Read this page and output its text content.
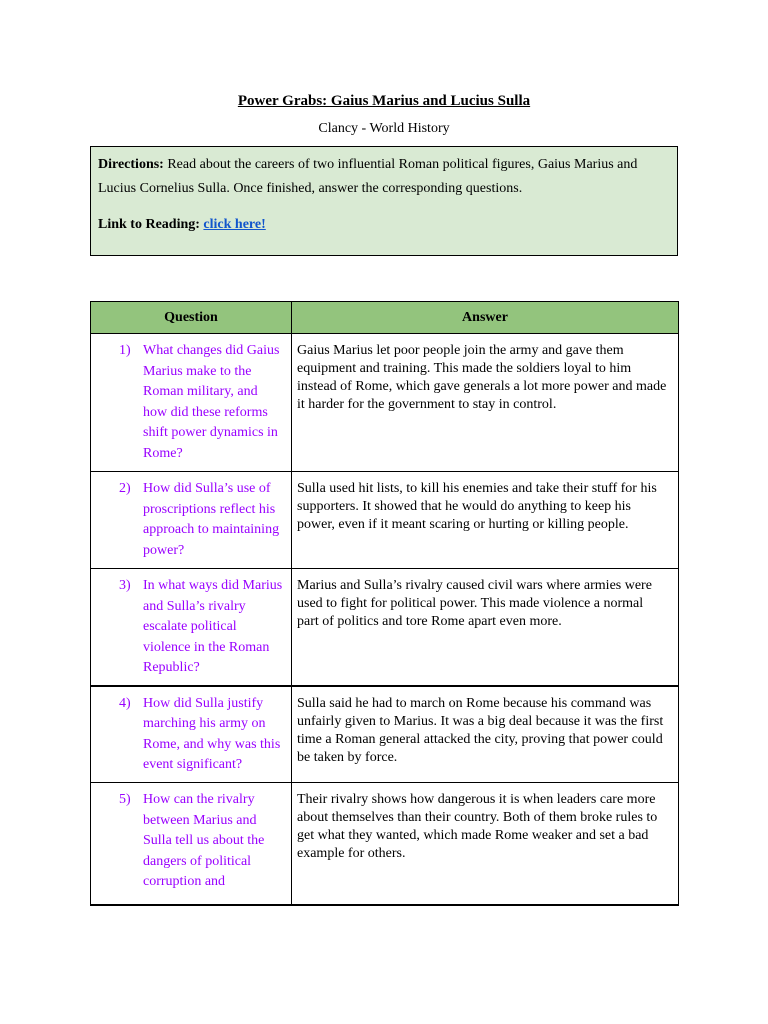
Power Grabs: Gaius Marius and Lucius Sulla
Clancy - World History
Directions: Read about the careers of two influential Roman political figures, Gaius Marius and Lucius Cornelius Sulla. Once finished, answer the corresponding questions.
Link to Reading: click here!
Question	Answer

1) What changes did Gaius Marius make to the Roman military, and how did these reforms shift power dynamics in Rome?	Gaius Marius let poor people join the army and gave them equipment and training. This made the soldiers loyal to him instead of Rome, which gave generals a lot more power and made it harder for the government to stay in control.

2) How did Sulla’s use of proscriptions reflect his approach to maintaining power?	Sulla used hit lists, to kill his enemies and take their stuff for his supporters. It showed that he would do anything to keep his power, even if it meant scaring or hurting or killing people.

3) In what ways did Marius and Sulla’s rivalry escalate political violence in the Roman Republic?	Marius and Sulla’s rivalry caused civil wars where armies were used to fight for political power. This made violence a normal part of politics and tore Rome apart even more.

4) How did Sulla justify marching his army on Rome, and why was this event significant?	Sulla said he had to march on Rome because his command was unfairly given to Marius. It was a big deal because it was the first time a Roman general attacked the city, proving that power could be taken by force.

5) How can the rivalry between Marius and Sulla tell us about the dangers of political corruption and	Their rivalry shows how dangerous it is when leaders care more about themselves than their country. Both of them broke rules to get what they wanted, which made Rome weaker and set a bad example for others.
